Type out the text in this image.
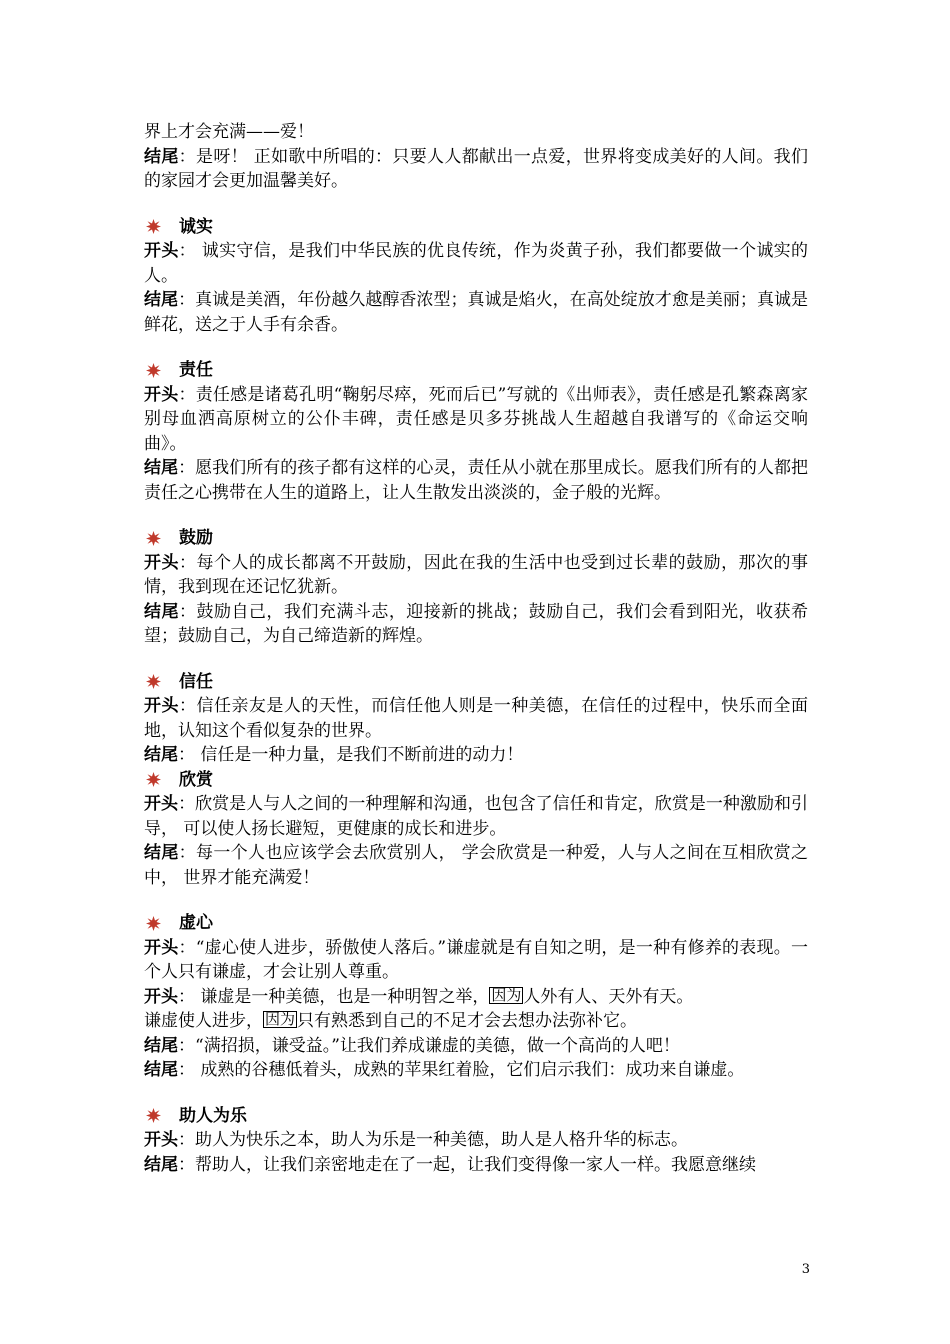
界上才会充满——爱！

结尾：是呀！ 正如歌中所唱的：只要人人都献出一点爱，世界将变成美好的人间。我们的家园才会更加温馨美好。

诚实

开头： 诚实守信，是我们中华民族的优良传统，作为炎黄子孙，我们都要做一个诚实的人。

结尾：真诚是美酒，年份越久越醇香浓型；真诚是焰火，在高处绽放才愈是美丽；真诚是鲜花，送之于人手有余香。

责任

开头：责任感是诸葛孔明“鞠躬尽瘁，死而后已”写就的《出师表》，责任感是孔繁森离家别母血洒高原树立的公仆丰碑，责任感是贝多芬挑战人生超越自我谱写的《命运交响曲》。

结尾：愿我们所有的孩子都有这样的心灵，责任从小就在那里成长。愿我们所有的人都把责任之心携带在人生的道路上，让人生散发出淡淡的，金子般的光辉。

鼓励

开头：每个人的成长都离不开鼓励，因此在我的生活中也受到过长辈的鼓励，那次的事情，我到现在还记忆犹新。

结尾：鼓励自己，我们充满斗志，迎接新的挑战；鼓励自己，我们会看到阳光，收获希望；鼓励自己，为自己缔造新的辉煌。

信任

开头：信任亲友是人的天性，而信任他人则是一种美德，在信任的过程中，快乐而全面地，认知这个看似复杂的世界。

结尾： 信任是一种力量，是我们不断前进的动力！

欣赏

开头：欣赏是人与人之间的一种理解和沟通，也包含了信任和肯定，欣赏是一种激励和引导， 可以使人扬长避短，更健康的成长和进步。

结尾：每一个人也应该学会去欣赏别人， 学会欣赏是一种爱，人与人之间在互相欣赏之中， 世界才能充满爱！

虚心

开头：“虚心使人进步，骄傲使人落后。”谦虚就是有自知之明，是一种有修养的表现。一个人只有谦虚，才会让别人尊重。

开头： 谦虚是一种美德，也是一种明智之举， 因为 人外有人、天外有天。
谦虚使人进步， 因为 只有熟悉到自己的不足才会去想办法弥补它。

结尾：“满招损，谦受益。”让我们养成谦虚的美德，做一个高尚的人吧！

结尾： 成熟的谷穗低着头，成熟的苹果红着脸，它们启示我们：成功来自谦虚。

助人为乐

开头：助人为快乐之本，助人为乐是一种美德，助人是人格升华的标志。

结尾：帮助人，让我们亲密地走在了一起，让我们变得像一家人一样。我愿意继续

3
